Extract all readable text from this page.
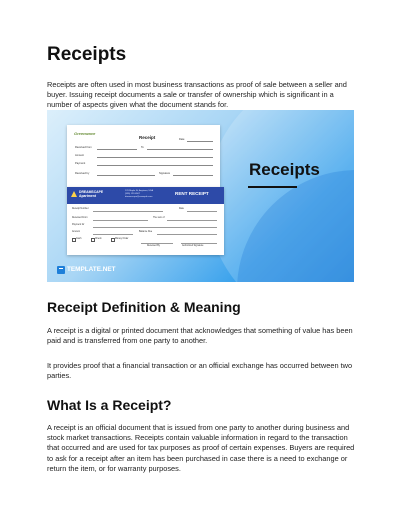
Receipts

Receipts are often used in most business transactions as proof of sale between a seller and buyer. Issuing receipt documents a sale or transfer of ownership which is significant in a number of aspects given what the document stands for.

Greenwave
Receipt	Date
Received from	To
Amount
Payment
Received by	Signature
DREAMSCAPE
Apartment
123 Maple St, Anytown, USA
(555) 123-4567
dreamscape@example.com
RENT RECEIPT
Receipt Number	Date
Received From	The sum of
Payment for
Amount	Balance Due
Cash	Check	Money Order
Received By	Authorized Signature
Receipts
TEMPLATE.NET
Receipt Definition & Meaning

A receipt is a digital or printed document that acknowledges that something of value has been paid and is transferred from one party to another.

It provides proof that a financial transaction or an official exchange has occurred between two parties.

What Is a Receipt?

A receipt is an official document that is issued from one party to another during business and stock market transactions. Receipts contain valuable information in regard to the transaction that occurred and are used for tax purposes as proof of certain expenses. Buyers are required to ask for a receipt after an item has been purchased in case there is a need to exchange or return the item, or for warranty purposes.
